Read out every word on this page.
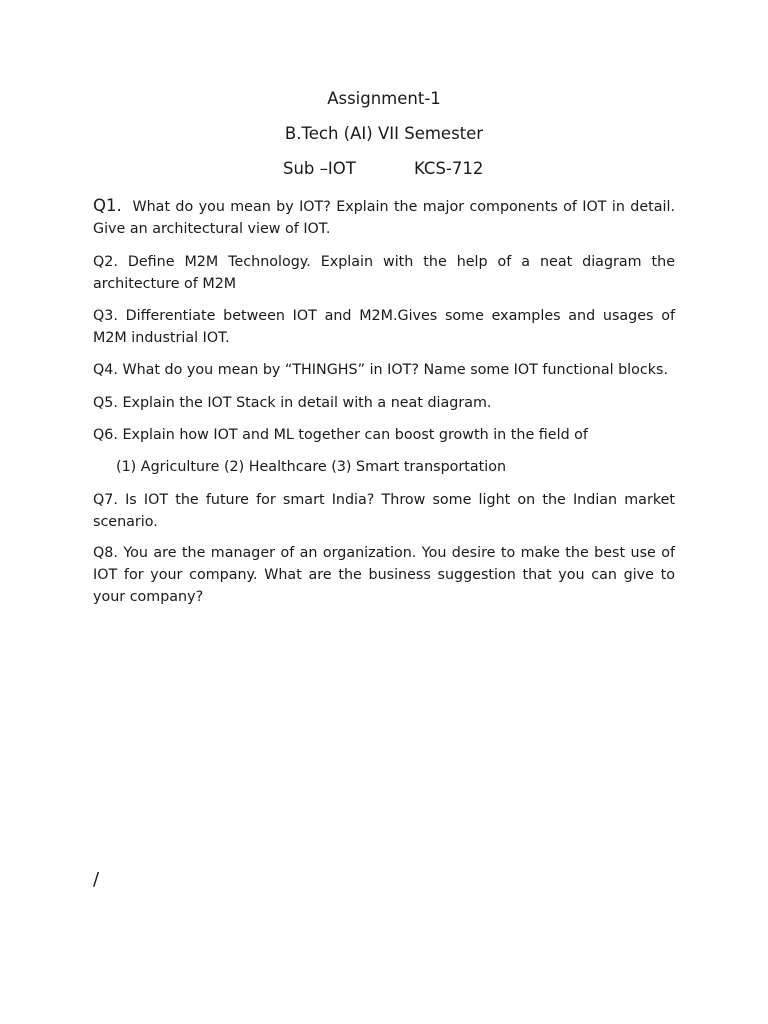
Assignment-1
B.Tech (AI) VII Semester
Sub –IOT	KCS-712
Q1. What do you mean by IOT? Explain the major components of IOT in detail. Give an architectural view of IOT.
Q2. Define M2M Technology. Explain with the help of a neat diagram the architecture of M2M
Q3. Differentiate between IOT and M2M.Gives some examples and usages of M2M industrial IOT.
Q4. What do you mean by “THINGHS” in IOT? Name some IOT functional blocks.
Q5. Explain the IOT Stack in detail with a neat diagram.
Q6. Explain how IOT and ML together can boost growth in the field of
(1) Agriculture (2) Healthcare (3) Smart transportation
Q7. Is IOT the future for smart India? Throw some light on the Indian market scenario.
Q8. You are the manager of an organization. You desire to make the best use of IOT for your company. What are the business suggestion that you can give to your company?
/
